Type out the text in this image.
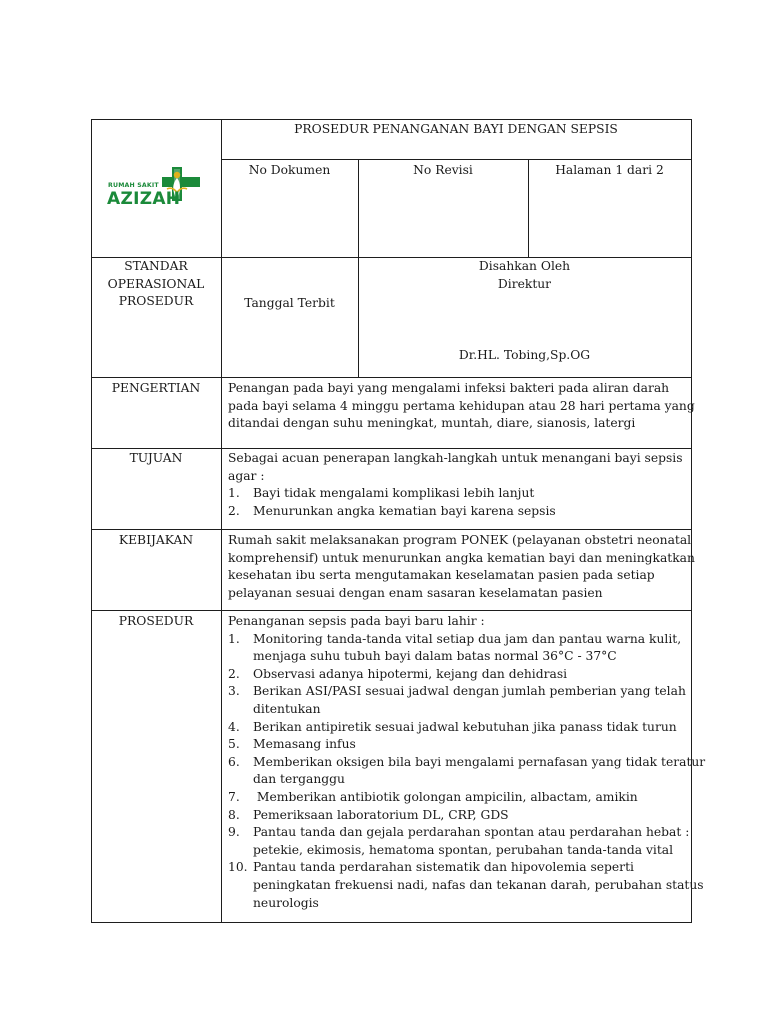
RUMAH SAKIT
AZIZAH
PROSEDUR PENANGANAN BAYI DENGAN SEPSIS
No Dokumen	No Revisi	Halaman 1 dari 2
STANDAR
OPERASIONAL
PROSEDUR	Tanggal Terbit
Disahkan Oleh
Direktur
Dr.HL. Tobing,Sp.OG
PENGERTIAN	Penangan pada bayi yang mengalami infeksi bakteri pada aliran darah
pada bayi selama 4 minggu pertama kehidupan atau 28 hari pertama yang
ditandai dengan suhu meningkat, muntah, diare, sianosis, latergi
TUJUAN	Sebagai acuan penerapan langkah-langkah untuk menangani bayi sepsis
agar :
1. Bayi tidak mengalami komplikasi lebih lanjut
2. Menurunkan angka kematian bayi karena sepsis
KEBIJAKAN	Rumah sakit melaksanakan program PONEK (pelayanan obstetri neonatal
komprehensif) untuk menurunkan angka kematian bayi dan meningkatkan
kesehatan ibu serta mengutamakan keselamatan pasien pada setiap
pelayanan sesuai dengan enam sasaran keselamatan pasien
PROSEDUR	Penanganan sepsis pada bayi baru lahir :
1. Monitoring tanda-tanda vital setiap dua jam dan pantau warna kulit,
menjaga suhu tubuh bayi dalam batas normal 36°C - 37°C
2. Observasi adanya hipotermi, kejang dan dehidrasi
3. Berikan ASI/PASI sesuai jadwal dengan jumlah pemberian yang telah
ditentukan
4. Berikan antipiretik sesuai jadwal kebutuhan jika panass tidak turun
5. Memasang infus
6. Memberikan oksigen bila bayi mengalami pernafasan yang tidak teratur
dan terganggu
7. Memberikan antibiotik golongan ampicilin, albactam, amikin
8. Pemeriksaan laboratorium DL, CRP, GDS
9. Pantau tanda dan gejala perdarahan spontan atau perdarahan hebat :
petekie, ekimosis, hematoma spontan, perubahan tanda-tanda vital
10. Pantau tanda perdarahan sistematik dan hipovolemia seperti
peningkatan frekuensi nadi, nafas dan tekanan darah, perubahan status
neurologis
